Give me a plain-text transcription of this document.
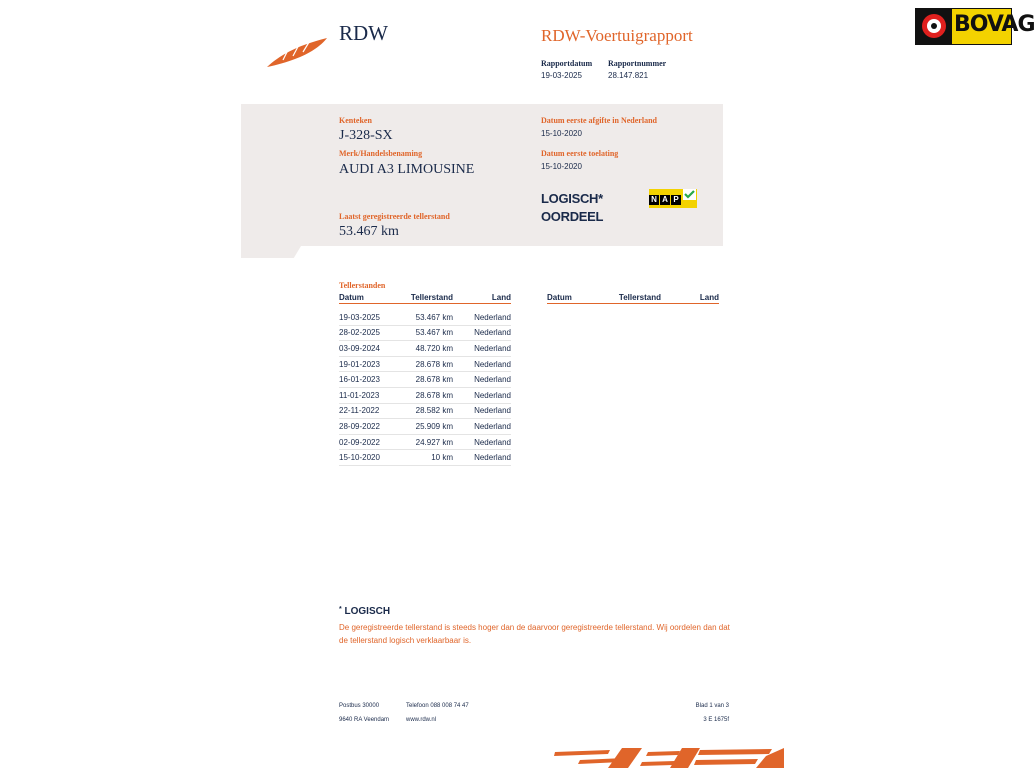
RDW	RDW-Voertuigrapport
Rapportdatum
19-03-2025
Rapportnummer
28.147.821
BOVAG
Kenteken
J-328-SX
Merk/Handelsbenaming
AUDI A3 LIMOUSINE
Laatst geregistreerde tellerstand
53.467 km
Datum eerste afgifte in Nederland
15-10-2020
Datum eerste toelating
15-10-2020
LOGISCH*
OORDEEL
N A P
Tellerstanden
Datum	Tellerstand	Land
19-03-2025	53.467 km	Nederland
28-02-2025	53.467 km	Nederland
03-09-2024	48.720 km	Nederland
19-01-2023	28.678 km	Nederland
16-01-2023	28.678 km	Nederland
11-01-2023	28.678 km	Nederland
22-11-2022	28.582 km	Nederland
28-09-2022	25.909 km	Nederland
02-09-2022	24.927 km	Nederland
15-10-2020	10 km	Nederland
Datum	Tellerstand	Land
* LOGISCH
De geregistreerde tellerstand is steeds hoger dan de daarvoor geregistreerde tellerstand. Wij oordelen dan dat de tellerstand logisch verklaarbaar is.
Postbus 30000
9640 RA Veendam
Telefoon 088 008 74 47
www.rdw.nl
Blad 1 van 3
3 E 1675f
